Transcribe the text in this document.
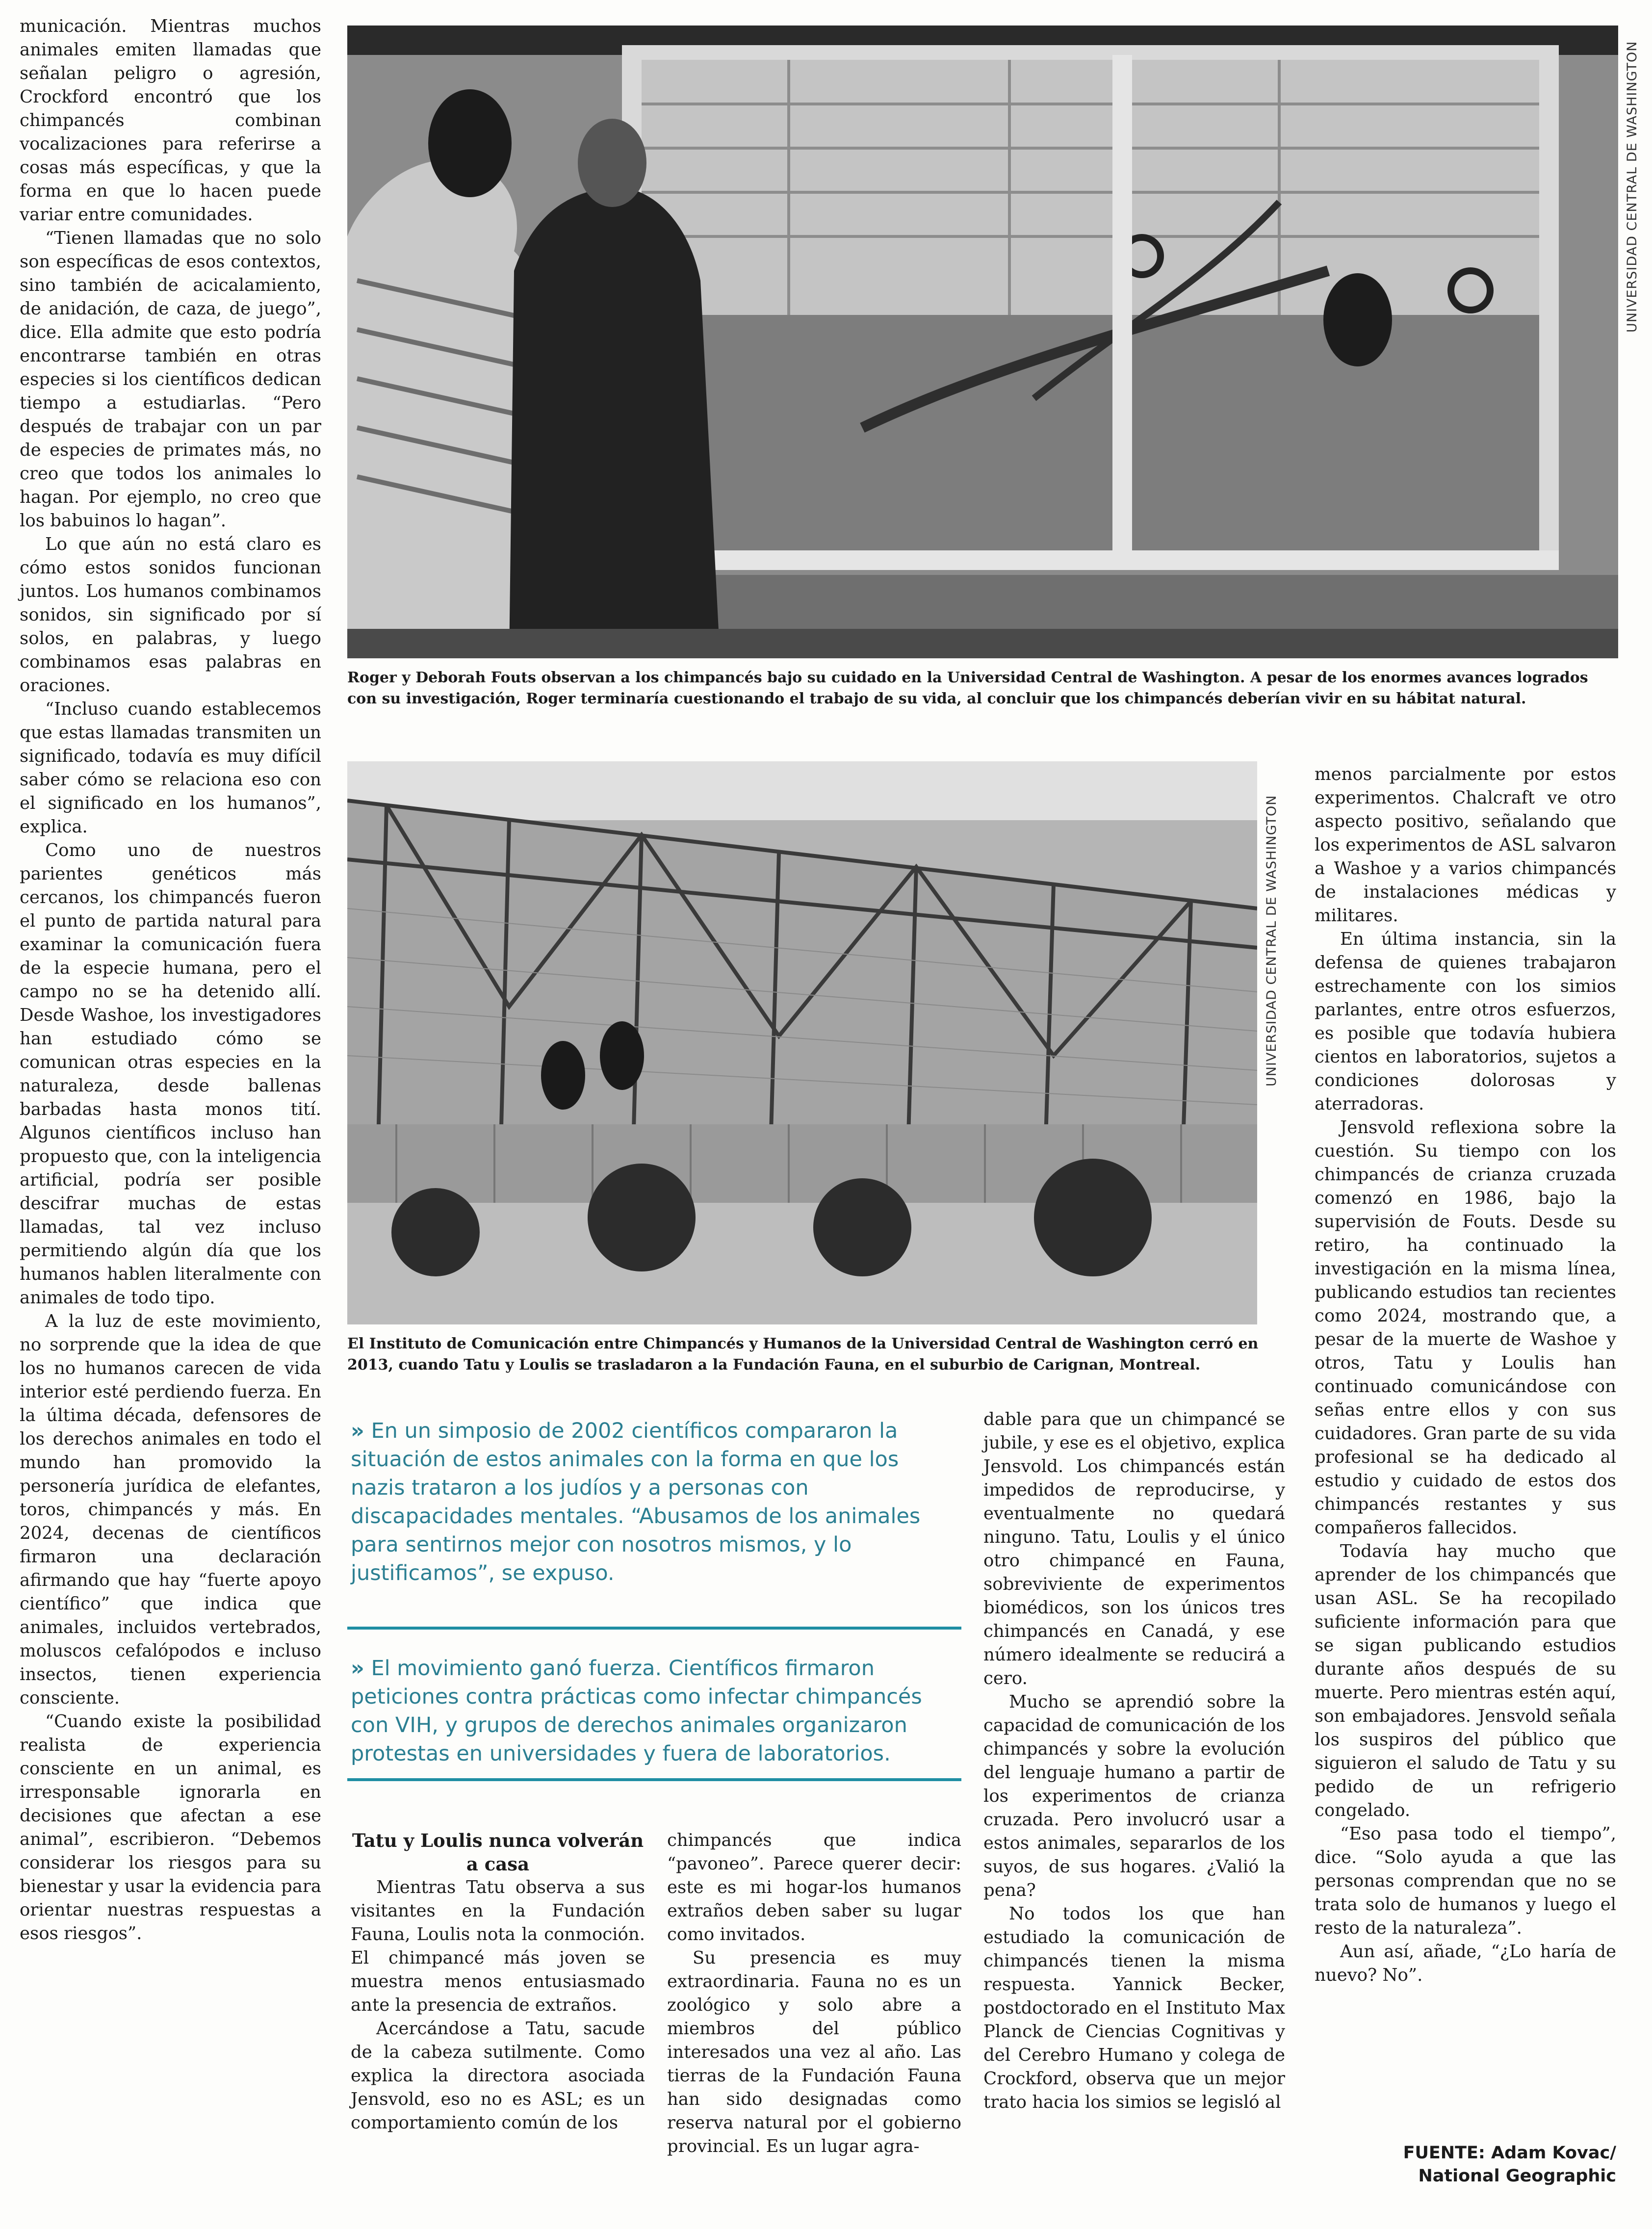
UNIVERSIDAD CENTRAL DE WASHINGTON
Roger y Deborah Fouts observan a los chimpancés bajo su cuidado en la Universidad Central de Washington. A pesar de los enormes avances logrados con su investigación, Roger terminaría cuestionando el trabajo de su vida, al concluir que los chimpancés deberían vivir en su hábitat natural.
UNIVERSIDAD CENTRAL DE WASHINGTON
El Instituto de Comunicación entre Chimpancés y Humanos de la Universidad Central de Washington cerró en 2013, cuando Tatu y Loulis se trasladaron a la Fundación Fauna, en el suburbio de Carignan, Montreal.

municación. Mientras muchos animales emiten llamadas que señalan peligro o agresión, Crockford encontró que los chimpancés combinan vocalizaciones para referirse a cosas más específicas, y que la forma en que lo hacen puede variar entre comunidades.

“Tienen llamadas que no solo son específicas de esos contextos, sino también de acicalamiento, de anidación, de caza, de juego”, dice. Ella admite que esto podría encontrarse también en otras especies si los científicos dedican tiempo a estudiarlas. “Pero después de trabajar con un par de especies de primates más, no creo que todos los animales lo hagan. Por ejemplo, no creo que los babuinos lo hagan”.

Lo que aún no está claro es cómo estos sonidos funcionan juntos. Los humanos combinamos sonidos, sin significado por sí solos, en palabras, y luego combinamos esas palabras en oraciones.

“Incluso cuando establecemos que estas llamadas transmiten un significado, todavía es muy difícil saber cómo se relaciona eso con el significado en los humanos”, explica.

Como uno de nuestros parientes genéticos más cercanos, los chimpancés fueron el punto de partida natural para examinar la comunicación fuera de la especie humana, pero el campo no se ha detenido allí. Desde Washoe, los investigadores han estudiado cómo se comunican otras especies en la naturaleza, desde ballenas barbadas hasta monos tití. Algunos científicos incluso han propuesto que, con la inteligencia artificial, podría ser posible descifrar muchas de estas llamadas, tal vez incluso permitiendo algún día que los humanos hablen literalmente con animales de todo tipo.

A la luz de este movimiento, no sorprende que la idea de que los no humanos carecen de vida interior esté perdiendo fuerza. En la última década, defensores de los derechos animales en todo el mundo han promovido la personería jurídica de elefantes, toros, chimpancés y más. En 2024, decenas de científicos firmaron una declaración afirmando que hay “fuerte apoyo científico” que indica que animales, incluidos vertebrados, moluscos cefalópodos e incluso insectos, tienen experiencia consciente.

“Cuando existe la posibilidad realista de experiencia consciente en un animal, es irresponsable ignorarla en decisiones que afectan a ese animal”, escribieron. “Debemos considerar los riesgos para su bienestar y usar la evidencia para orientar nuestras respuestas a esos riesgos”.

» En un simposio de 2002 científicos compararon la situación de estos animales con la forma en que los nazis trataron a los judíos y a personas con discapacidades mentales. “Abusamos de los animales para sentirnos mejor con nosotros mismos, y lo justificamos”, se expuso.
» El movimiento ganó fuerza. Científicos firmaron peticiones contra prácticas como infectar chimpancés con VIH, y grupos de derechos animales organizaron protestas en universidades y fuera de laboratorios.
Tatu y Loulis nunca volverán a casa

Mientras Tatu observa a sus visitantes en la Fundación Fauna, Loulis nota la conmoción. El chimpancé más joven se muestra menos entusiasmado ante la presencia de extraños.

Acercándose a Tatu, sacude de la cabeza sutilmente. Como explica la directora asociada Jensvold, eso no es ASL; es un comportamiento común de los

chimpancés que indica “pavoneo”. Parece querer decir: este es mi hogar-los humanos extraños deben saber su lugar como invitados.

Su presencia es muy extraordinaria. Fauna no es un zoológico y solo abre a miembros del público interesados una vez al año. Las tierras de la Fundación Fauna han sido designadas como reserva natural por el gobierno provincial. Es un lugar agra-

dable para que un chimpancé se jubile, y ese es el objetivo, explica Jensvold. Los chimpancés están impedidos de reproducirse, y eventualmente no quedará ninguno. Tatu, Loulis y el único otro chimpancé en Fauna, sobreviviente de experimentos biomédicos, son los únicos tres chimpancés en Canadá, y ese número idealmente se reducirá a cero.

Mucho se aprendió sobre la capacidad de comunicación de los chimpancés y sobre la evolución del lenguaje humano a partir de los experimentos de crianza cruzada. Pero involucró usar a estos animales, separarlos de los suyos, de sus hogares. ¿Valió la pena?

No todos los que han estudiado la comunicación de chimpancés tienen la misma respuesta. Yannick Becker, postdoctorado en el Instituto Max Planck de Ciencias Cognitivas y del Cerebro Humano y colega de Crockford, observa que un mejor trato hacia los simios se legisló al

menos parcialmente por estos experimentos. Chalcraft ve otro aspecto positivo, señalando que los experimentos de ASL salvaron a Washoe y a varios chimpancés de instalaciones médicas y militares.

En última instancia, sin la defensa de quienes trabajaron estrechamente con los simios parlantes, entre otros esfuerzos, es posible que todavía hubiera cientos en laboratorios, sujetos a condiciones dolorosas y aterradoras.

Jensvold reflexiona sobre la cuestión. Su tiempo con los chimpancés de crianza cruzada comenzó en 1986, bajo la supervisión de Fouts. Desde su retiro, ha continuado la investigación en la misma línea, publicando estudios tan recientes como 2024, mostrando que, a pesar de la muerte de Washoe y otros, Tatu y Loulis han continuado comunicándose con señas entre ellos y con sus cuidadores. Gran parte de su vida profesional se ha dedicado al estudio y cuidado de estos dos chimpancés restantes y sus compañeros fallecidos.

Todavía hay mucho que aprender de los chimpancés que usan ASL. Se ha recopilado suficiente información para que se sigan publicando estudios durante años después de su muerte. Pero mientras estén aquí, son embajadores. Jensvold señala los suspiros del público que siguieron el saludo de Tatu y su pedido de un refrigerio congelado.

“Eso pasa todo el tiempo”, dice. “Solo ayuda a que las personas comprendan que no se trata solo de humanos y luego el resto de la naturaleza”.

Aun así, añade, “¿Lo haría de nuevo? No”.

FUENTE: Adam Kovac/
National Geographic
